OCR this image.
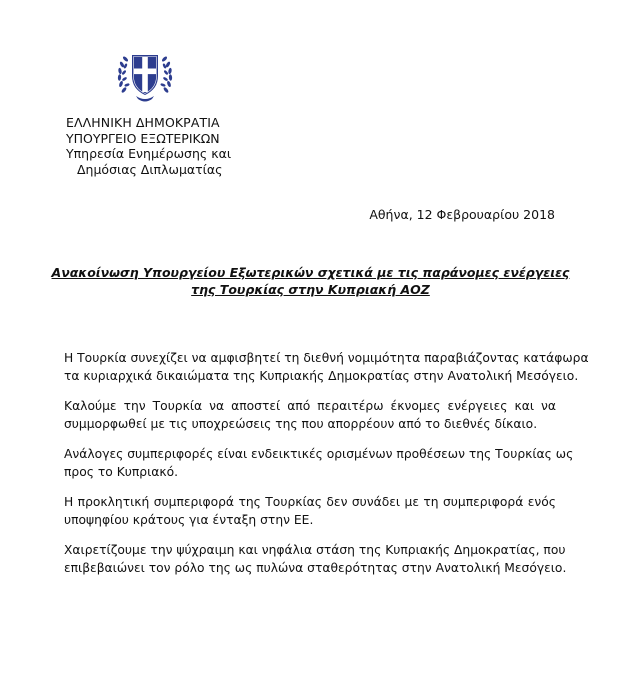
ΕΛΛΗΝΙΚΗ ΔΗΜΟΚΡΑΤΙΑ
ΥΠΟΥΡΓΕΙΟ ΕΞΩΤΕΡΙΚΩΝ
Υπηρεσία Ενημέρωσης και
Δημόσιας Διπλωματίας
Αθήνα, 12 Φεβρουαρίου 2018
Ανακοίνωση Υπουργείου Εξωτερικών σχετικά με τις παράνομες ενέργειες
της Τουρκίας στην Κυπριακή ΑΟΖ
Η Τουρκία συνεχίζει να αμφισβητεί τη διεθνή νομιμότητα παραβιάζοντας κατάφωρα
τα κυριαρχικά δικαιώματα της Κυπριακής Δημοκρατίας στην Ανατολική Μεσόγειο.
Καλούμε την Τουρκία να αποστεί από περαιτέρω έκνομες ενέργειες και να
συμμορφωθεί με τις υποχρεώσεις της που απορρέουν από το διεθνές δίκαιο.
Ανάλογες συμπεριφορές είναι ενδεικτικές ορισμένων προθέσεων της Τουρκίας ως
προς το Κυπριακό.
Η προκλητική συμπεριφορά της Τουρκίας δεν συνάδει με τη συμπεριφορά ενός
υποψηφίου κράτους για ένταξη στην ΕΕ.
Χαιρετίζουμε την ψύχραιμη και νηφάλια στάση της Κυπριακής Δημοκρατίας, που
επιβεβαιώνει τον ρόλο της ως πυλώνα σταθερότητας στην Ανατολική Μεσόγειο.
